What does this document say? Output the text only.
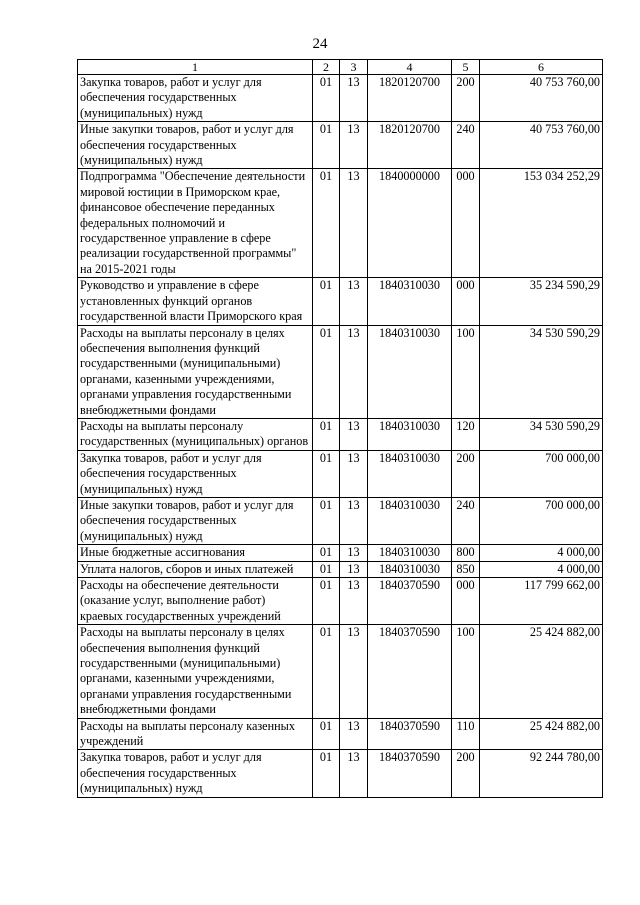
24
1	2	3	4	5	6
Закупка товаров, работ и услуг для обеспечения государственных (муниципальных) нужд	01	13	1820120700	200	40 753 760,00
Иные закупки товаров, работ и услуг для обеспечения государственных (муниципальных) нужд	01	13	1820120700	240	40 753 760,00
Подпрограмма "Обеспечение деятельности мировой юстиции в Приморском крае, финансовое обеспечение переданных федеральных полномочий и государственное управление в сфере реализации государственной программы" на 2015-2021 годы	01	13	1840000000	000	153 034 252,29
Руководство и управление в сфере установленных функций органов государственной власти Приморского края	01	13	1840310030	000	35 234 590,29
Расходы на выплаты персоналу в целях обеспечения выполнения функций государственными (муниципальными) органами, казенными учреждениями, органами управления государственными внебюджетными фондами	01	13	1840310030	100	34 530 590,29
Расходы на выплаты персоналу государственных (муниципальных) органов	01	13	1840310030	120	34 530 590,29
Закупка товаров, работ и услуг для обеспечения государственных (муниципальных) нужд	01	13	1840310030	200	700 000,00
Иные закупки товаров, работ и услуг для обеспечения государственных (муниципальных) нужд	01	13	1840310030	240	700 000,00
Иные бюджетные ассигнования	01	13	1840310030	800	4 000,00
Уплата налогов, сборов и иных платежей	01	13	1840310030	850	4 000,00
Расходы на обеспечение деятельности (оказание услуг, выполнение работ) краевых государственных учреждений	01	13	1840370590	000	117 799 662,00
Расходы на выплаты персоналу в целях обеспечения выполнения функций государственными (муниципальными) органами, казенными учреждениями, органами управления государственными внебюджетными фондами	01	13	1840370590	100	25 424 882,00
Расходы на выплаты персоналу казенных учреждений	01	13	1840370590	110	25 424 882,00
Закупка товаров, работ и услуг для обеспечения государственных (муниципальных) нужд	01	13	1840370590	200	92 244 780,00
